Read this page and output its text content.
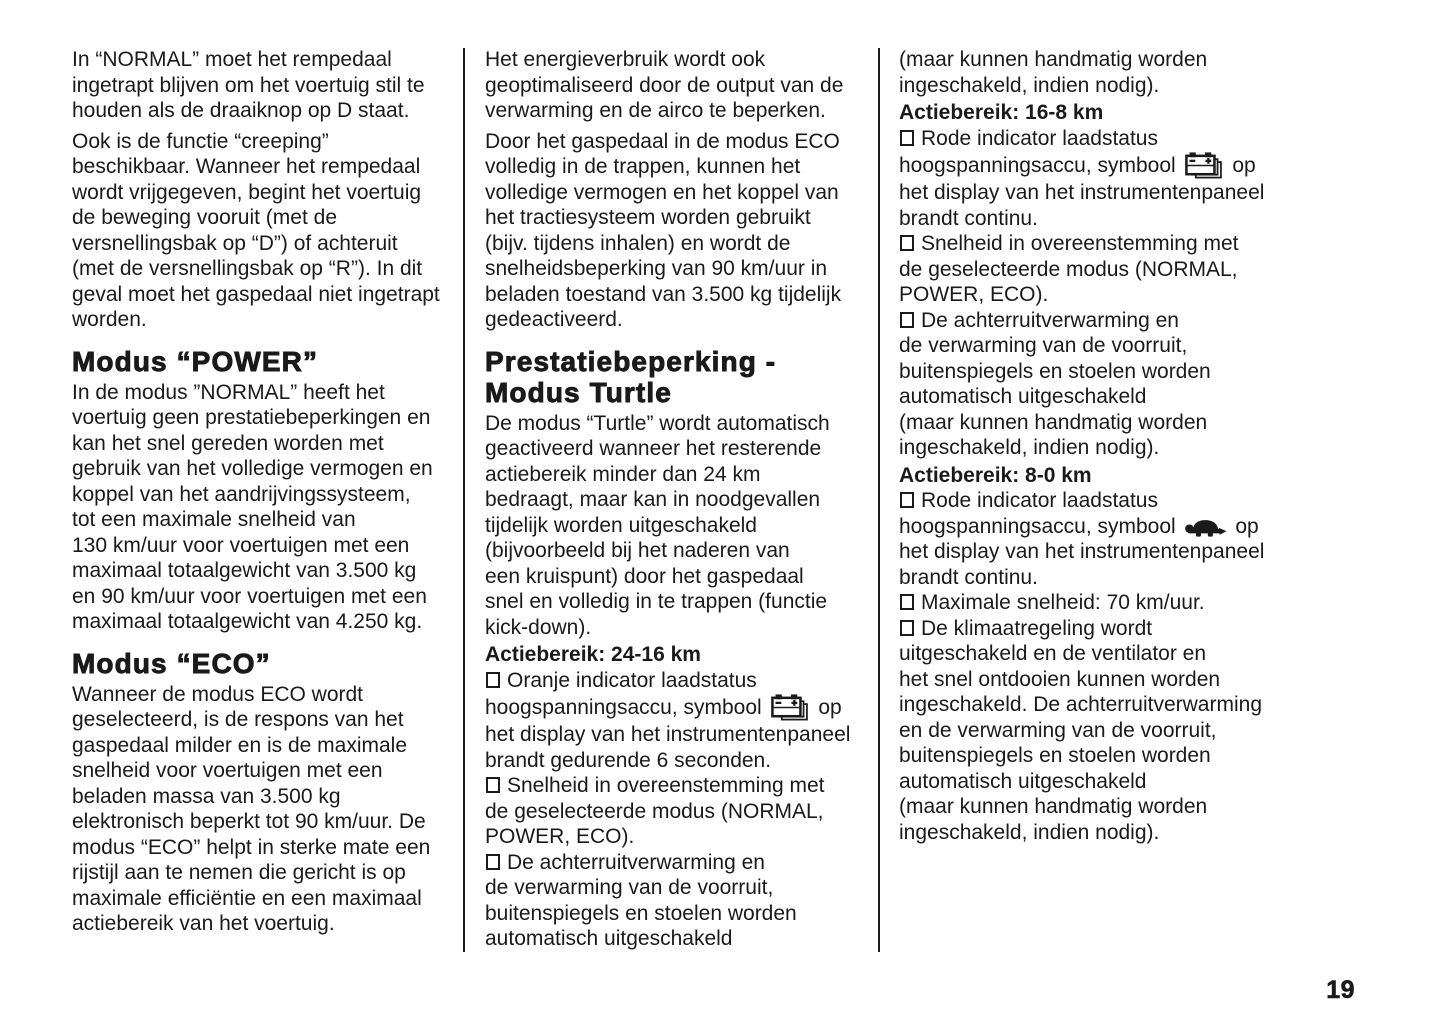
In “NORMAL” moet het rempedaal
ingetrapt blijven om het voertuig stil te
houden als de draaiknop op D staat.
Ook is de functie “creeping”
beschikbaar. Wanneer het rempedaal
wordt vrijgegeven, begint het voertuig
de beweging vooruit (met de
versnellingsbak op “D”) of achteruit
(met de versnellingsbak op “R”). In dit
geval moet het gaspedaal niet ingetrapt
worden.
Modus “POWER”
In de modus ”NORMAL” heeft het
voertuig geen prestatiebeperkingen en
kan het snel gereden worden met
gebruik van het volledige vermogen en
koppel van het aandrijvingssysteem,
tot een maximale snelheid van
130 km/uur voor voertuigen met een
maximaal totaalgewicht van 3.500 kg
en 90 km/uur voor voertuigen met een
maximaal totaalgewicht van 4.250 kg.
Modus “ECO”
Wanneer de modus ECO wordt
geselecteerd, is de respons van het
gaspedaal milder en is de maximale
snelheid voor voertuigen met een
beladen massa van 3.500 kg
elektronisch beperkt tot 90 km/uur. De
modus “ECO” helpt in sterke mate een
rijstijl aan te nemen die gericht is op
maximale efficiëntie en een maximaal
actiebereik van het voertuig.
Het energieverbruik wordt ook
geoptimaliseerd door de output van de
verwarming en de airco te beperken.
Door het gaspedaal in de modus ECO
volledig in de trappen, kunnen het
volledige vermogen en het koppel van
het tractiesysteem worden gebruikt
(bijv. tijdens inhalen) en wordt de
snelheidsbeperking van 90 km/uur in
beladen toestand van 3.500 kg tijdelijk
gedeactiveerd.
Prestatiebeperking -
Modus Turtle
De modus “Turtle” wordt automatisch
geactiveerd wanneer het resterende
actiebereik minder dan 24 km
bedraagt, maar kan in noodgevallen
tijdelijk worden uitgeschakeld
(bijvoorbeeld bij het naderen van
een kruispunt) door het gaspedaal
snel en volledig in te trappen (functie
kick-down).
Actiebereik: 24-16 km
Oranje indicator laadstatus
hoogspanningsaccu, symbool  op
het display van het instrumentenpaneel
brandt gedurende 6 seconden.
Snelheid in overeenstemming met
de geselecteerde modus (NORMAL,
POWER, ECO).
De achterruitverwarming en
de verwarming van de voorruit,
buitenspiegels en stoelen worden
automatisch uitgeschakeld
(maar kunnen handmatig worden
ingeschakeld, indien nodig).
Actiebereik: 16-8 km
Rode indicator laadstatus
hoogspanningsaccu, symbool  op
het display van het instrumentenpaneel
brandt continu.
Snelheid in overeenstemming met
de geselecteerde modus (NORMAL,
POWER, ECO).
De achterruitverwarming en
de verwarming van de voorruit,
buitenspiegels en stoelen worden
automatisch uitgeschakeld
(maar kunnen handmatig worden
ingeschakeld, indien nodig).
Actiebereik: 8-0 km
Rode indicator laadstatus
hoogspanningsaccu, symbool  op
het display van het instrumentenpaneel
brandt continu.
Maximale snelheid: 70 km/uur.
De klimaatregeling wordt
uitgeschakeld en de ventilator en
het snel ontdooien kunnen worden
ingeschakeld. De achterruitverwarming
en de verwarming van de voorruit,
buitenspiegels en stoelen worden
automatisch uitgeschakeld
(maar kunnen handmatig worden
ingeschakeld, indien nodig).
19
